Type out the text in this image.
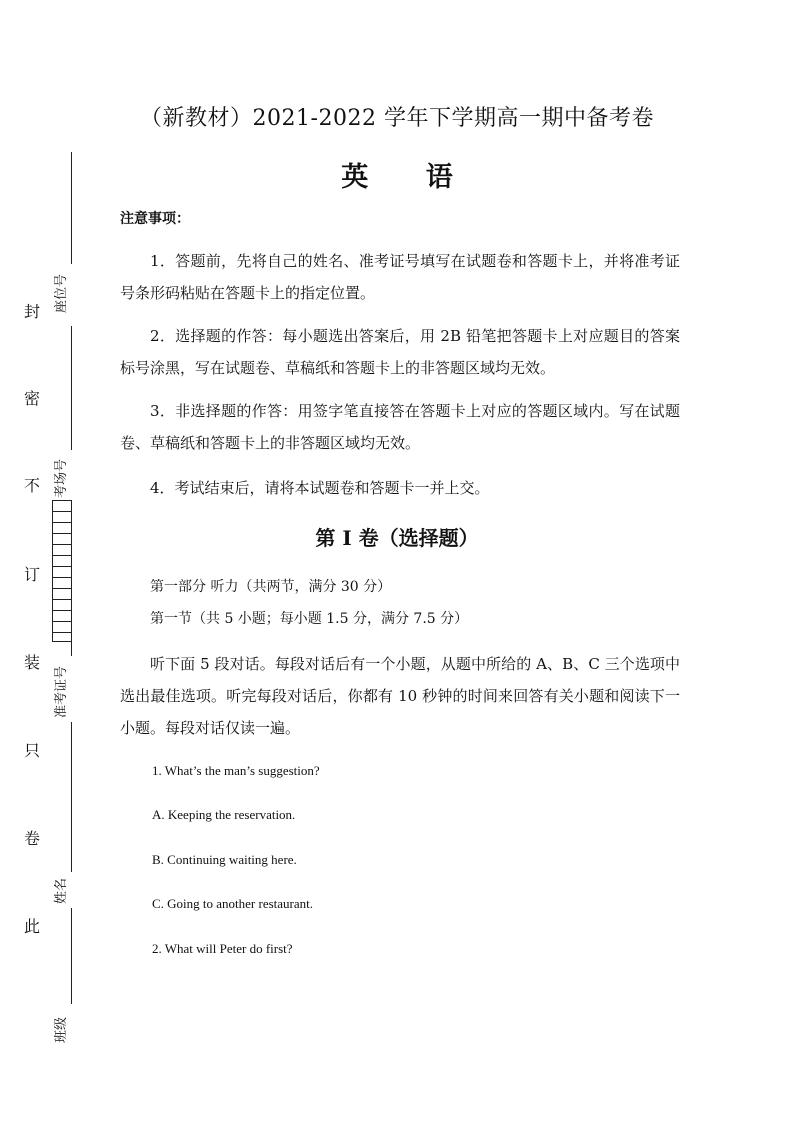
（新教材）2021-2022 学年下学期高一期中备考卷
英 语
注意事项：
1．答题前，先将自己的姓名、准考证号填写在试题卷和答题卡上，并将准考证号条形码粘贴在答题卡上的指定位置。
2．选择题的作答：每小题选出答案后，用 2B 铅笔把答题卡上对应题目的答案标号涂黑，写在试题卷、草稿纸和答题卡上的非答题区域均无效。
3．非选择题的作答：用签字笔直接答在答题卡上对应的答题区域内。写在试题卷、草稿纸和答题卡上的非答题区域均无效。
4．考试结束后，请将本试题卷和答题卡一并上交。
第 I 卷（选择题）
第一部分 听力（共两节，满分 30 分）
第一节（共 5 小题；每小题 1.5 分，满分 7.5 分）
听下面 5 段对话。每段对话后有一个小题，从题中所给的 A、B、C 三个选项中选出最佳选项。听完每段对话后，你都有 10 秒钟的时间来回答有关小题和阅读下一小题。每段对话仅读一遍。
1. What’s the man’s suggestion?
A. Keeping the reservation.
B. Continuing waiting here.
C. Going to another restaurant.
2. What will Peter do first?
座位号
考场号
准考证号
姓名
班级
封
密
不
订
装
只
卷
此
